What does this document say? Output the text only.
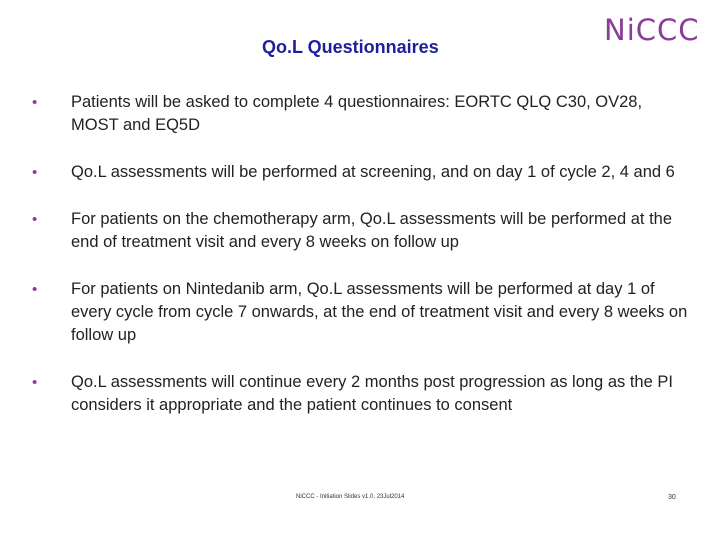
Qo.L Questionnaires	NiCCC
• Patients will be asked to complete 4 questionnaires: EORTC QLQ C30, OV28, MOST and EQ5D
• Qo.L assessments will be performed at screening, and on day 1 of cycle 2, 4 and 6
• For patients on the chemotherapy arm, Qo.L assessments will be performed at the end of treatment visit and every 8 weeks on follow up
• For patients on Nintedanib arm, Qo.L assessments will be performed at day 1 of every cycle from cycle 7 onwards, at the end of treatment visit and every 8 weeks on follow up
• Qo.L assessments will continue every 2 months post progression as long as the PI considers it appropriate and the patient continues to consent
NiCCC - Initiation Slides v1.0, 23Jul2014	30
